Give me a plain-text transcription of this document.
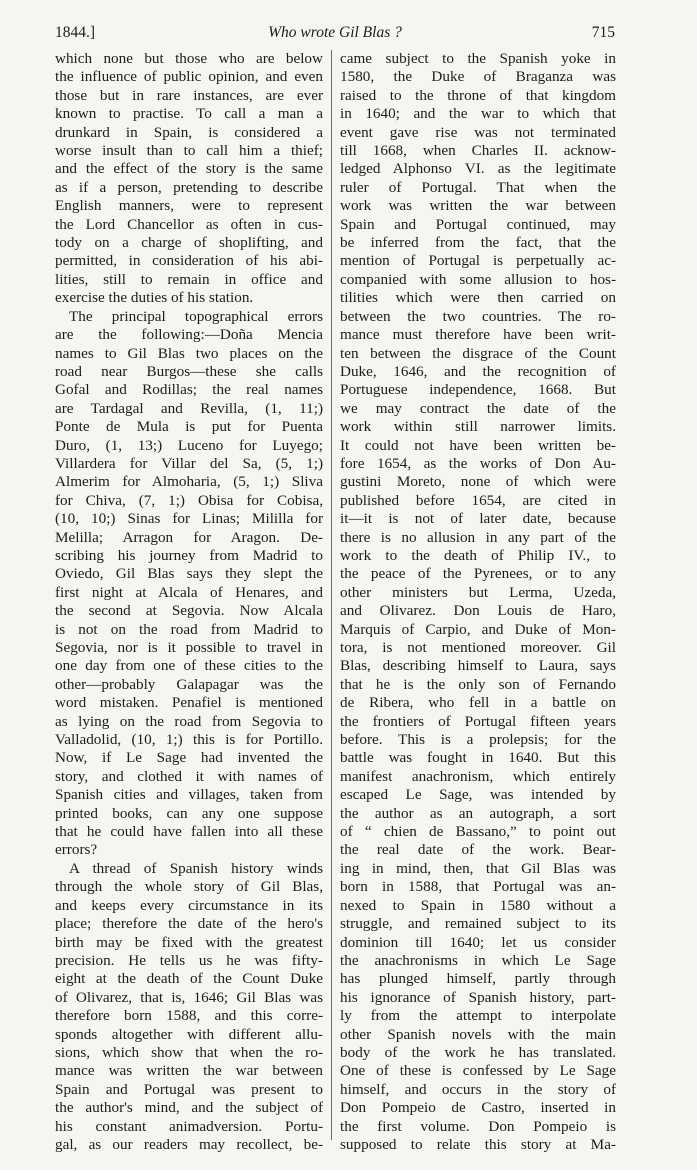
1844.]	Who wrote Gil Blas ?	715
which none but those who are below
the influence of public opinion, and even
those but in rare instances, are ever
known to practise. To call a man a
drunkard in Spain, is considered a
worse insult than to call him a thief;
and the effect of the story is the same
as if a person, pretending to describe
English manners, were to represent
the Lord Chancellor as often in cus-
tody on a charge of shoplifting, and
permitted, in consideration of his abi-
lities, still to remain in office and
exercise the duties of his station.
The principal topographical errors
are the following:—Doña Mencia
names to Gil Blas two places on the
road near Burgos—these she calls
Gofal and Rodillas; the real names
are Tardagal and Revilla, (1, 11;)
Ponte de Mula is put for Puenta
Duro, (1, 13;) Luceno for Luyego;
Villardera for Villar del Sa, (5, 1;)
Almerim for Almoharia, (5, 1;) Sliva
for Chiva, (7, 1;) Obisa for Cobisa,
(10, 10;) Sinas for Linas; Mililla for
Melilla; Arragon for Aragon. De-
scribing his journey from Madrid to
Oviedo, Gil Blas says they slept the
first night at Alcala of Henares, and
the second at Segovia. Now Alcala
is not on the road from Madrid to
Segovia, nor is it possible to travel in
one day from one of these cities to the
other—probably Galapagar was the
word mistaken. Penafiel is mentioned
as lying on the road from Segovia to
Valladolid, (10, 1;) this is for Portillo.
Now, if Le Sage had invented the
story, and clothed it with names of
Spanish cities and villages, taken from
printed books, can any one suppose
that he could have fallen into all these
errors?
A thread of Spanish history winds
through the whole story of Gil Blas,
and keeps every circumstance in its
place; therefore the date of the hero's
birth may be fixed with the greatest
precision. He tells us he was fifty-
eight at the death of the Count Duke
of Olivarez, that is, 1646; Gil Blas was
therefore born 1588, and this corre-
sponds altogether with different allu-
sions, which show that when the ro-
mance was written the war between
Spain and Portugal was present to
the author's mind, and the subject of
his constant animadversion. Portu-
gal, as our readers may recollect, be-
came subject to the Spanish yoke in
1580, the Duke of Braganza was
raised to the throne of that kingdom
in 1640; and the war to which that
event gave rise was not terminated
till 1668, when Charles II. acknow-
ledged Alphonso VI. as the legitimate
ruler of Portugal. That when the
work was written the war between
Spain and Portugal continued, may
be inferred from the fact, that the
mention of Portugal is perpetually ac-
companied with some allusion to hos-
tilities which were then carried on
between the two countries. The ro-
mance must therefore have been writ-
ten between the disgrace of the Count
Duke, 1646, and the recognition of
Portuguese independence, 1668. But
we may contract the date of the
work within still narrower limits.
It could not have been written be-
fore 1654, as the works of Don Au-
gustini Moreto, none of which were
published before 1654, are cited in
it—it is not of later date, because
there is no allusion in any part of the
work to the death of Philip IV., to
the peace of the Pyrenees, or to any
other ministers but Lerma, Uzeda,
and Olivarez. Don Louis de Haro,
Marquis of Carpio, and Duke of Mon-
tora, is not mentioned moreover. Gil
Blas, describing himself to Laura, says
that he is the only son of Fernando
de Ribera, who fell in a battle on
the frontiers of Portugal fifteen years
before. This is a prolepsis; for the
battle was fought in 1640. But this
manifest anachronism, which entirely
escaped Le Sage, was intended by
the author as an autograph, a sort
of “ chien de Bassano,” to point out
the real date of the work. Bear-
ing in mind, then, that Gil Blas was
born in 1588, that Portugal was an-
nexed to Spain in 1580 without a
struggle, and remained subject to its
dominion till 1640; let us consider
the anachronisms in which Le Sage
has plunged himself, partly through
his ignorance of Spanish history, part-
ly from the attempt to interpolate
other Spanish novels with the main
body of the work he has translated.
One of these is confessed by Le Sage
himself, and occurs in the story of
Don Pompeio de Castro, inserted in
the first volume. Don Pompeio is
supposed to relate this story at Ma-
